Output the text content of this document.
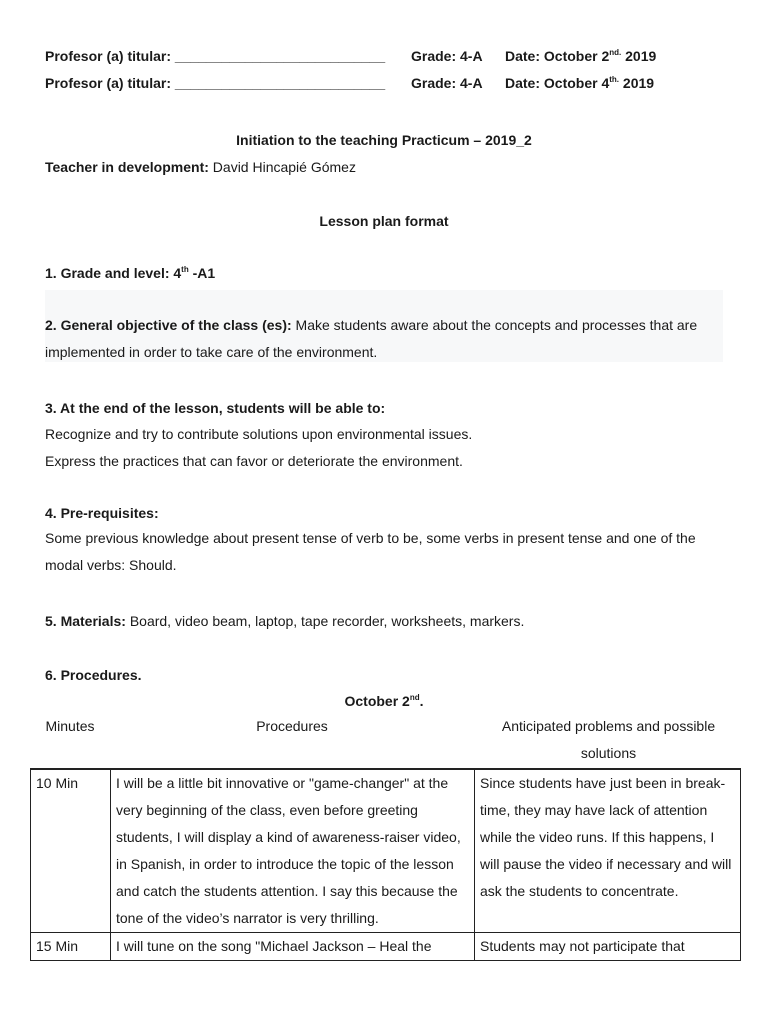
Profesor (a) titular: ___________________________ Grade: 4-A Date: October $2^{nd.}$ 2019
Profesor (a) titular: ___________________________ Grade: 4-A Date: October $4^{th.}$ 2019
Initiation to the teaching Practicum – 2019_2
Teacher in development: David Hincapié Gómez
Lesson plan format
1. Grade and level: 4th -A1
2. General objective of the class (es): Make students aware about the concepts and processes that are implemented in order to take care of the environment.
3. At the end of the lesson, students will be able to:
Recognize and try to contribute solutions upon environmental issues.
Express the practices that can favor or deteriorate the environment.
4. Pre-requisites:
Some previous knowledge about present tense of verb to be, some verbs in present tense and one of the modal verbs: Should.
5. Materials: Board, video beam, laptop, tape recorder, worksheets, markers.
6. Procedures.
October 2nd.
Minutes	Procedures	Anticipated problems and possible solutions
10 Min	I will be a little bit innovative or "game-changer" at the very beginning of the class, even before greeting students, I will display a kind of awareness-raiser video, in Spanish, in order to introduce the topic of the lesson and catch the students attention. I say this because the tone of the video’s narrator is very thrilling.	Since students have just been in break-time, they may have lack of attention while the video runs. If this happens, I will pause the video if necessary and will ask the students to concentrate.
15 Min	I will tune on the song "Michael Jackson – Heal the	Students may not participate that
